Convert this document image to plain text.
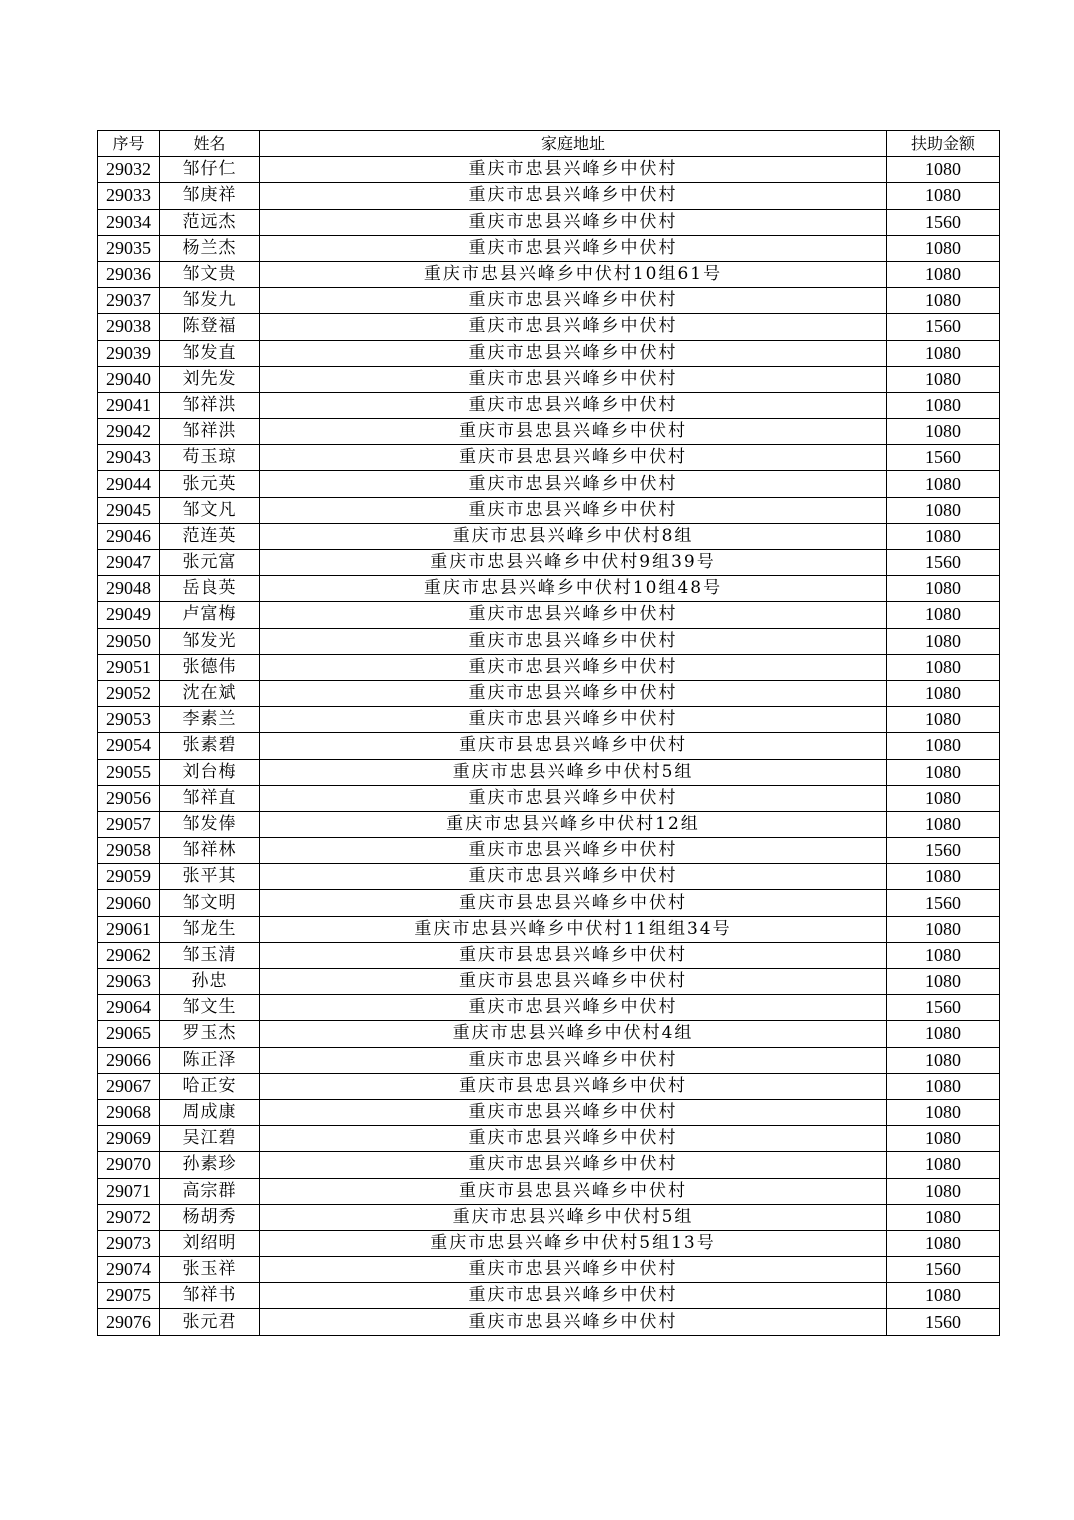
序号	姓名	家庭地址	扶助金额
29032	邹仔仁	重庆市忠县兴峰乡中伏村	1080
29033	邹庚祥	重庆市忠县兴峰乡中伏村	1080
29034	范远杰	重庆市忠县兴峰乡中伏村	1560
29035	杨兰杰	重庆市忠县兴峰乡中伏村	1080
29036	邹文贵	重庆市忠县兴峰乡中伏村10组61号	1080
29037	邹发九	重庆市忠县兴峰乡中伏村	1080
29038	陈登福	重庆市忠县兴峰乡中伏村	1560
29039	邹发直	重庆市忠县兴峰乡中伏村	1080
29040	刘先发	重庆市忠县兴峰乡中伏村	1080
29041	邹祥洪	重庆市忠县兴峰乡中伏村	1080
29042	邹祥洪	重庆市县忠县兴峰乡中伏村	1080
29043	苟玉琼	重庆市县忠县兴峰乡中伏村	1560
29044	张元英	重庆市忠县兴峰乡中伏村	1080
29045	邹文凡	重庆市忠县兴峰乡中伏村	1080
29046	范连英	重庆市忠县兴峰乡中伏村8组	1080
29047	张元富	重庆市忠县兴峰乡中伏村9组39号	1560
29048	岳良英	重庆市忠县兴峰乡中伏村10组48号	1080
29049	卢富梅	重庆市忠县兴峰乡中伏村	1080
29050	邹发光	重庆市忠县兴峰乡中伏村	1080
29051	张德伟	重庆市忠县兴峰乡中伏村	1080
29052	沈在斌	重庆市忠县兴峰乡中伏村	1080
29053	李素兰	重庆市忠县兴峰乡中伏村	1080
29054	张素碧	重庆市县忠县兴峰乡中伏村	1080
29055	刘台梅	重庆市忠县兴峰乡中伏村5组	1080
29056	邹祥直	重庆市忠县兴峰乡中伏村	1080
29057	邹发俸	重庆市忠县兴峰乡中伏村12组	1080
29058	邹祥林	重庆市忠县兴峰乡中伏村	1560
29059	张平其	重庆市忠县兴峰乡中伏村	1080
29060	邹文明	重庆市县忠县兴峰乡中伏村	1560
29061	邹龙生	重庆市忠县兴峰乡中伏村11组组34号	1080
29062	邹玉清	重庆市县忠县兴峰乡中伏村	1080
29063	孙忠	重庆市县忠县兴峰乡中伏村	1080
29064	邹文生	重庆市忠县兴峰乡中伏村	1560
29065	罗玉杰	重庆市忠县兴峰乡中伏村4组	1080
29066	陈正泽	重庆市忠县兴峰乡中伏村	1080
29067	哈正安	重庆市县忠县兴峰乡中伏村	1080
29068	周成康	重庆市忠县兴峰乡中伏村	1080
29069	吴江碧	重庆市忠县兴峰乡中伏村	1080
29070	孙素珍	重庆市忠县兴峰乡中伏村	1080
29071	高宗群	重庆市县忠县兴峰乡中伏村	1080
29072	杨胡秀	重庆市忠县兴峰乡中伏村5组	1080
29073	刘绍明	重庆市忠县兴峰乡中伏村5组13号	1080
29074	张玉祥	重庆市忠县兴峰乡中伏村	1560
29075	邹祥书	重庆市忠县兴峰乡中伏村	1080
29076	张元君	重庆市忠县兴峰乡中伏村	1560
